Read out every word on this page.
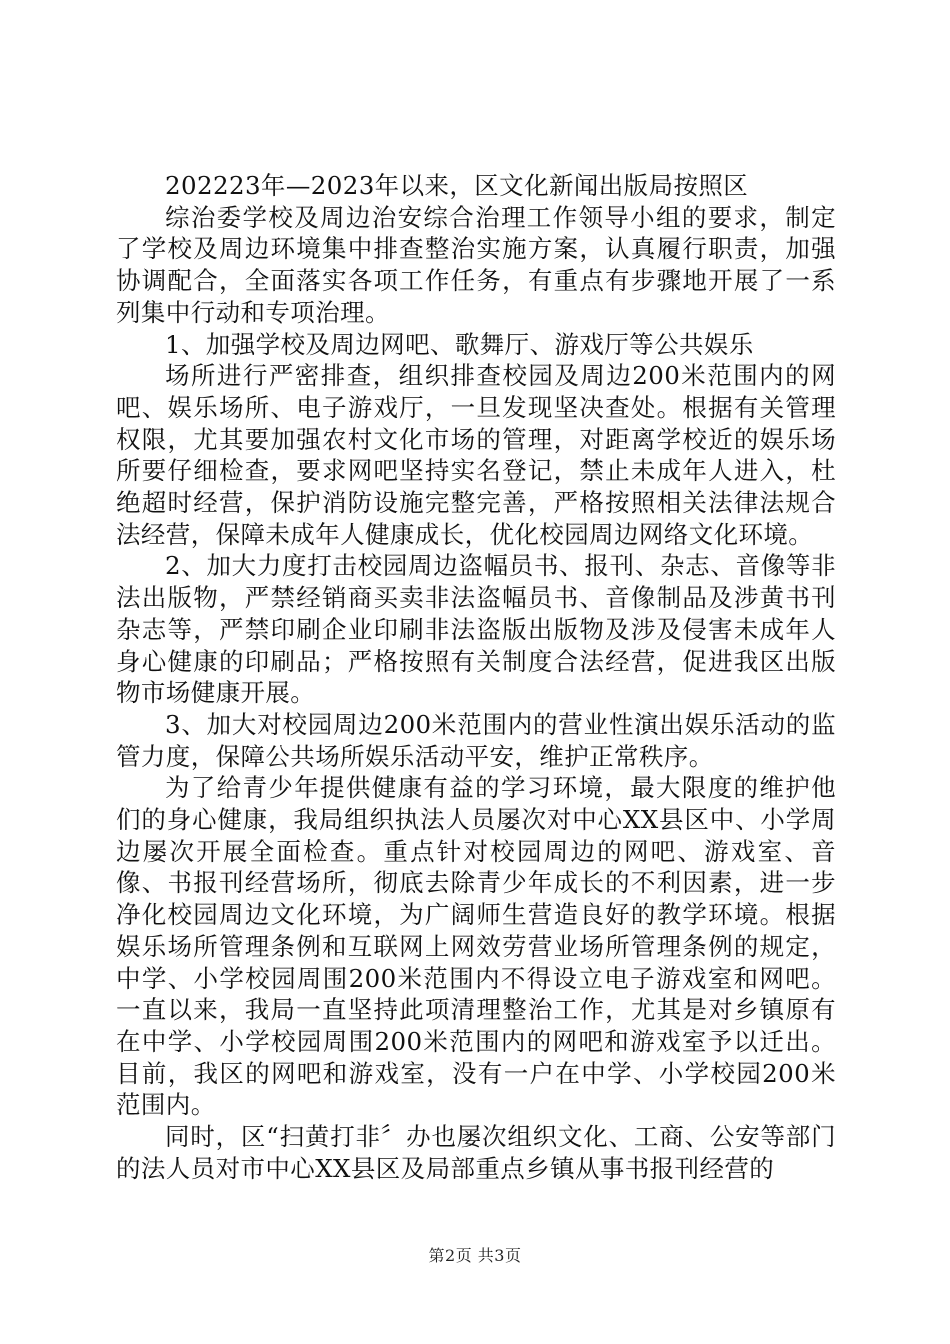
202223年—2023年以来，区文化新闻出版局按照区

综治委学校及周边治安综合治理工作领导小组的要求，制定了学校及周边环境集中排查整治实施方案，认真履行职责，加强协调配合，全面落实各项工作任务，有重点有步骤地开展了一系列集中行动和专项治理。

1、加强学校及周边网吧、歌舞厅、游戏厅等公共娱乐

场所进行严密排查，组织排查校园及周边200米范围内的网吧、娱乐场所、电子游戏厅，一旦发现坚决查处。根据有关管理权限，尤其要加强农村文化市场的管理，对距离学校近的娱乐场所要仔细检查，要求网吧坚持实名登记，禁止未成年人进入，杜绝超时经营，保护消防设施完整完善，严格按照相关法律法规合法经营，保障未成年人健康成长，优化校园周边网络文化环境。

2、加大力度打击校园周边盗幅员书、报刊、杂志、音像等非法出版物，严禁经销商买卖非法盗幅员书、音像制品及涉黄书刊杂志等，严禁印刷企业印刷非法盗版出版物及涉及侵害未成年人身心健康的印刷品；严格按照有关制度合法经营，促进我区出版物市场健康开展。

3、加大对校园周边200米范围内的营业性演出娱乐活动的监管力度，保障公共场所娱乐活动平安，维护正常秩序。

为了给青少年提供健康有益的学习环境，最大限度的维护他们的身心健康，我局组织执法人员屡次对中心XX县区中、小学周边屡次开展全面检查。重点针对校园周边的网吧、游戏室、音像、书报刊经营场所，彻底去除青少年成长的不利因素，进一步净化校园周边文化环境，为广阔师生营造良好的教学环境。根据娱乐场所管理条例和互联网上网效劳营业场所管理条例的规定，中学、小学校园周围200米范围内不得设立电子游戏室和网吧。一直以来，我局一直坚持此项清理整治工作，尤其是对乡镇原有在中学、小学校园周围200米范围内的网吧和游戏室予以迁出。目前，我区的网吧和游戏室，没有一户在中学、小学校园200米范围内。

同时，区“扫黄打非〞办也屡次组织文化、工商、公安等部门的法人员对市中心XX县区及局部重点乡镇从事书报刊经营的

第2页 共3页
